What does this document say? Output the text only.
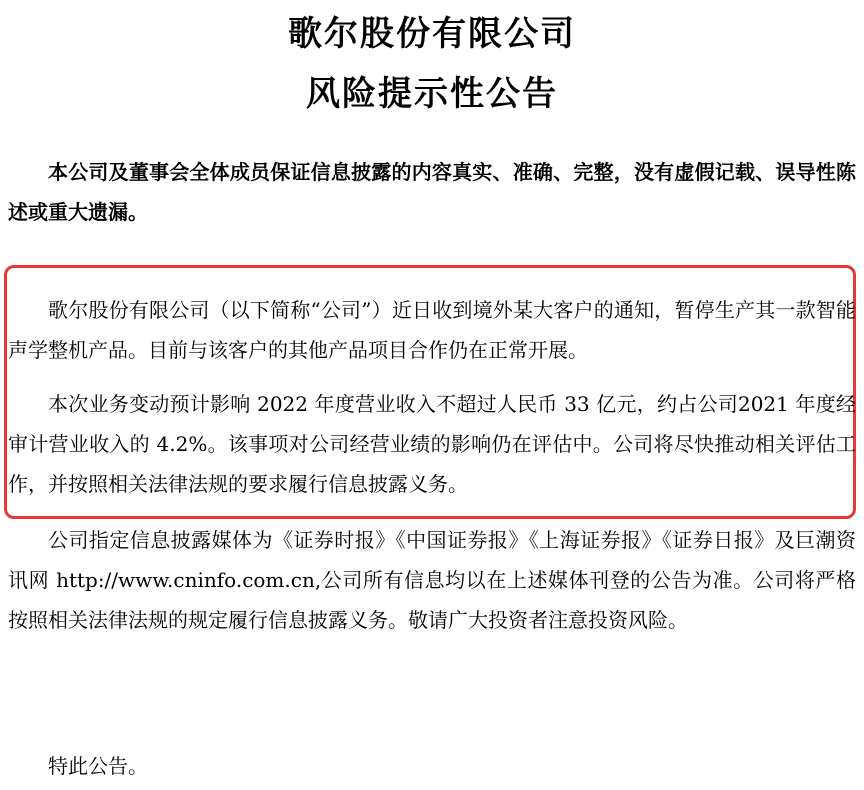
歌尔股份有限公司
风险提示性公告

本公司及董事会全体成员保证信息披露的内容真实、准确、完整，没有虚假记载、误导性陈述或重大遗漏。

歌尔股份有限公司（以下简称“公司”）近日收到境外某大客户的通知，暂停生产其一款智能声学整机产品。目前与该客户的其他产品项目合作仍在正常开展。

本次业务变动预计影响 2022 年度营业收入不超过人民币 33 亿元，约占公司2021 年度经审计营业收入的 4.2%。该事项对公司经营业绩的影响仍在评估中。公司将尽快推动相关评估工作，并按照相关法律法规的要求履行信息披露义务。

公司指定信息披露媒体为《证券时报》《中国证券报》《上海证券报》《证券日报》及巨潮资讯网 http://www.cninfo.com.cn,公司所有信息均以在上述媒体刊登的公告为准。公司将严格按照相关法律法规的规定履行信息披露义务。敬请广大投资者注意投资风险。

特此公告。
